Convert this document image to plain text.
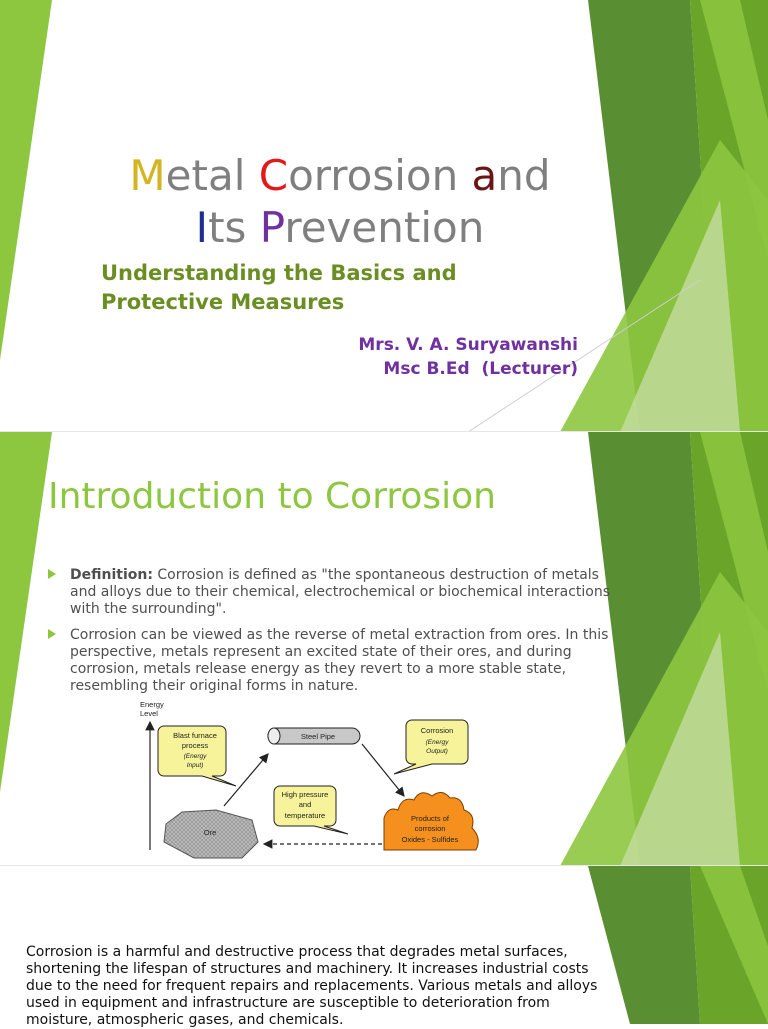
Metal Corrosion and
Its Prevention
Understanding the Basics and Protective Measures
Mrs. V. A. Suryawanshi
Msc B.Ed  (Lecturer)
Introduction to Corrosion
Definition: Corrosion is defined as "the spontaneous destruction of metals and alloys due to their chemical, electrochemical or biochemical interactions with the surrounding".
Corrosion can be viewed as the reverse of metal extraction from ores. In this perspective, metals represent an excited state of their ores, and during corrosion, metals release energy as they revert to a more stable state, resembling their original forms in nature.
Energy
Level
Blast furnace
process
(Energy
Input)
Steel Pipe
Corrosion
(Energy
Output)
High pressure
and
temperature
Ore
Products of
corrosion
Oxides - Sulfides
Corrosion is a harmful and destructive process that degrades metal surfaces, shortening the lifespan of structures and machinery. It increases industrial costs due to the need for frequent repairs and replacements. Various metals and alloys used in equipment and infrastructure are susceptible to deterioration from moisture, atmospheric gases, and chemicals.
